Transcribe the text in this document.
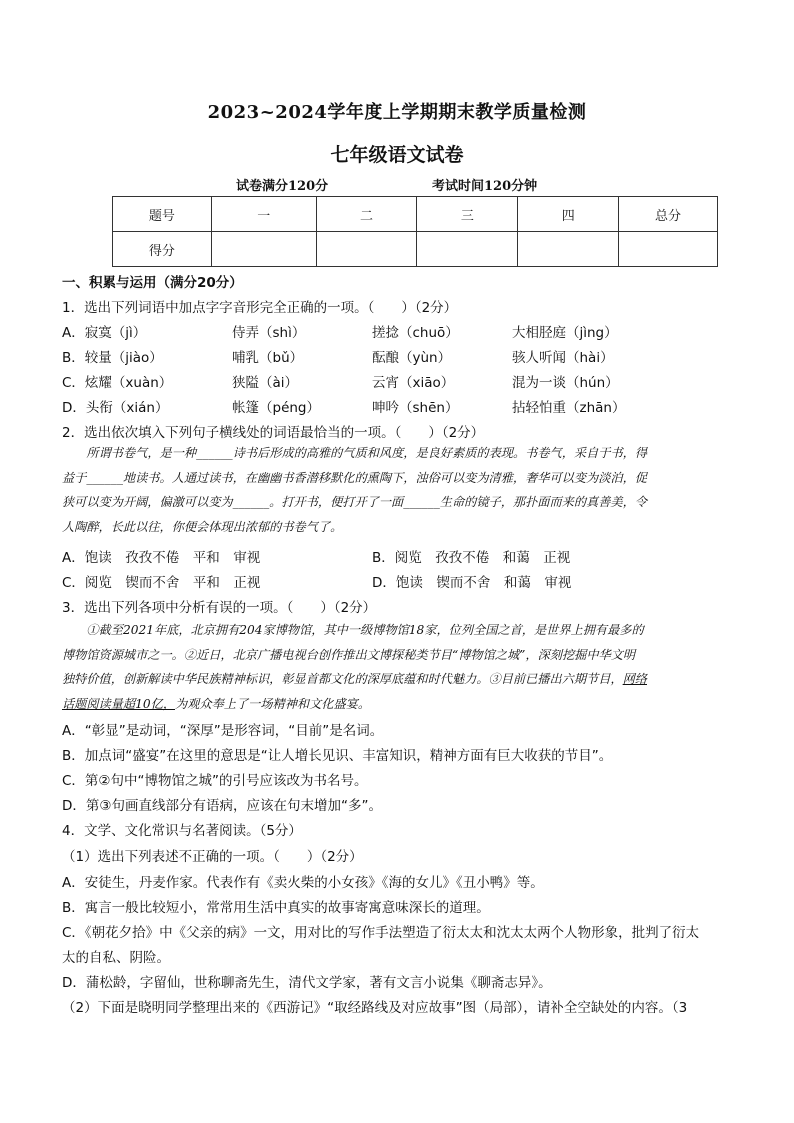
2023~2024学年度上学期期末教学质量检测
七年级语文试卷
试卷满分120分	考试时间120分钟
题号	一	二	三	四	总分
得分					
一、积累与运用（满分20分）
1．选出下列词语中加点字字音形完全正确的一项。（　　）（2分）
A．寂寞（jì）	侍弄（shì）	搓捻（chuō）	大相胫庭（jìng）
B．较量（jiào）	哺乳（bǔ）	酝酿（yùn）	骇人听闻（hài）
C．炫耀（xuàn）	狭隘（ài）	云宵（xiāo）	混为一谈（hún）
D．头衔（xián）	帐篷（péng）	呻吟（shēn）	拈轻怕重（zhān）
2．选出依次填入下列句子横线处的词语最恰当的一项。（　　）（2分）
所谓书卷气，是一种______诗书后形成的高雅的气质和风度，是良好素质的表现。书卷气，采自于书，得
益于______地读书。人通过读书，在幽幽书香潜移默化的熏陶下，浊俗可以变为清雅，奢华可以变为淡泊，促
狭可以变为开阔，偏激可以变为______。打开书，便打开了一面______生命的镜子，那扑面而来的真善美，令
人陶醉，长此以往，你便会体现出浓郁的书卷气了。
A．饱读　孜孜不倦　平和　审视	B．阅览　孜孜不倦　和蔼　正视
C．阅览　锲而不舍　平和　正视	D．饱读　锲而不舍　和蔼　审视
3．选出下列各项中分析有误的一项。（　　）（2分）
①截至2021年底，北京拥有204家博物馆，其中一级博物馆18家，位列全国之首，是世界上拥有最多的
博物馆资源城市之一。②近日，北京广播电视台创作推出文博探秘类节目“博物馆之城”，深刻挖掘中华文明
独特价值，创新解读中华民族精神标识，彰显首都文化的深厚底蕴和时代魅力。③目前已播出六期节目，网络
话题阅读量超10亿，为观众奉上了一场精神和文化盛宴。
A．“彰显”是动词，“深厚”是形容词，“目前”是名词。
B．加点词“盛宴”在这里的意思是“让人增长见识、丰富知识，精神方面有巨大收获的节目”。
C．第②句中“博物馆之城”的引号应该改为书名号。
D．第③句画直线部分有语病，应该在句末增加“多”。
4．文学、文化常识与名著阅读。（5分）
（1）选出下列表述不正确的一项。（　　）（2分）
A．安徒生，丹麦作家。代表作有《卖火柴的小女孩》《海的女儿》《丑小鸭》等。
B．寓言一般比较短小，常常用生活中真实的故事寄寓意味深长的道理。
C．《朝花夕拾》中《父亲的病》一文，用对比的写作手法塑造了衍太太和沈太太两个人物形象，批判了衍太
太的自私、阴险。
D．蒲松龄，字留仙，世称聊斋先生，清代文学家，著有文言小说集《聊斋志异》。
（2）下面是晓明同学整理出来的《西游记》“取经路线及对应故事”图（局部），请补全空缺处的内容。（3
